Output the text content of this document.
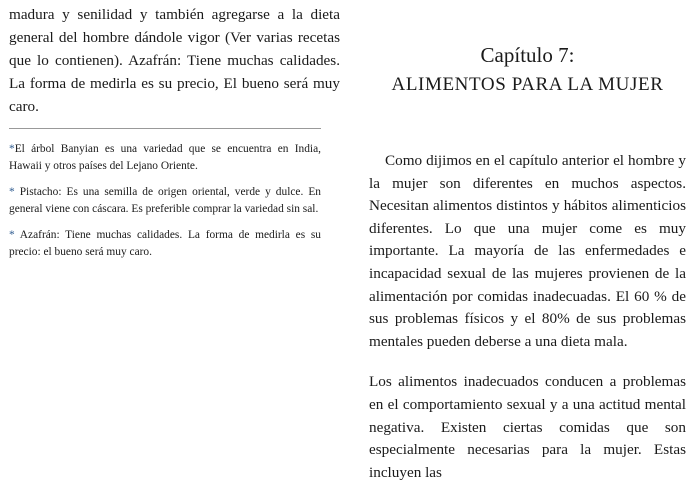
madura y senilidad y también agregarse a la dieta general del hombre dándole vigor (Ver varias recetas que lo contienen). Azafrán: Tiene muchas calidades. La forma de medirla es su precio, El bueno será muy caro.

*El árbol Banyian es una variedad que se encuentra en India, Hawaii y otros países del Lejano Oriente.

* Pistacho: Es una semilla de origen oriental, verde y dulce. En general viene con cáscara. Es preferible comprar la variedad sin sal.

* Azafrán: Tiene muchas calidades. La forma de medirla es su precio: el bueno será muy caro.

Capítulo 7:
ALIMENTOS PARA LA MUJER

Como dijimos en el capítulo anterior el hombre y la mujer son diferentes en muchos aspectos. Necesitan alimentos distintos y hábitos alimenticios diferentes. Lo que una mujer come es muy importante. La mayoría de las enfermedades e incapacidad sexual de las mujeres provienen de la alimentación por comidas inadecuadas. El 60 % de sus problemas físicos y el 80% de sus problemas mentales pueden deberse a una dieta mala.

Los alimentos inadecuados conducen a problemas en el comportamiento sexual y a una actitud mental negativa. Existen ciertas comidas que son especialmente necesarias para la mujer. Estas incluyen las
